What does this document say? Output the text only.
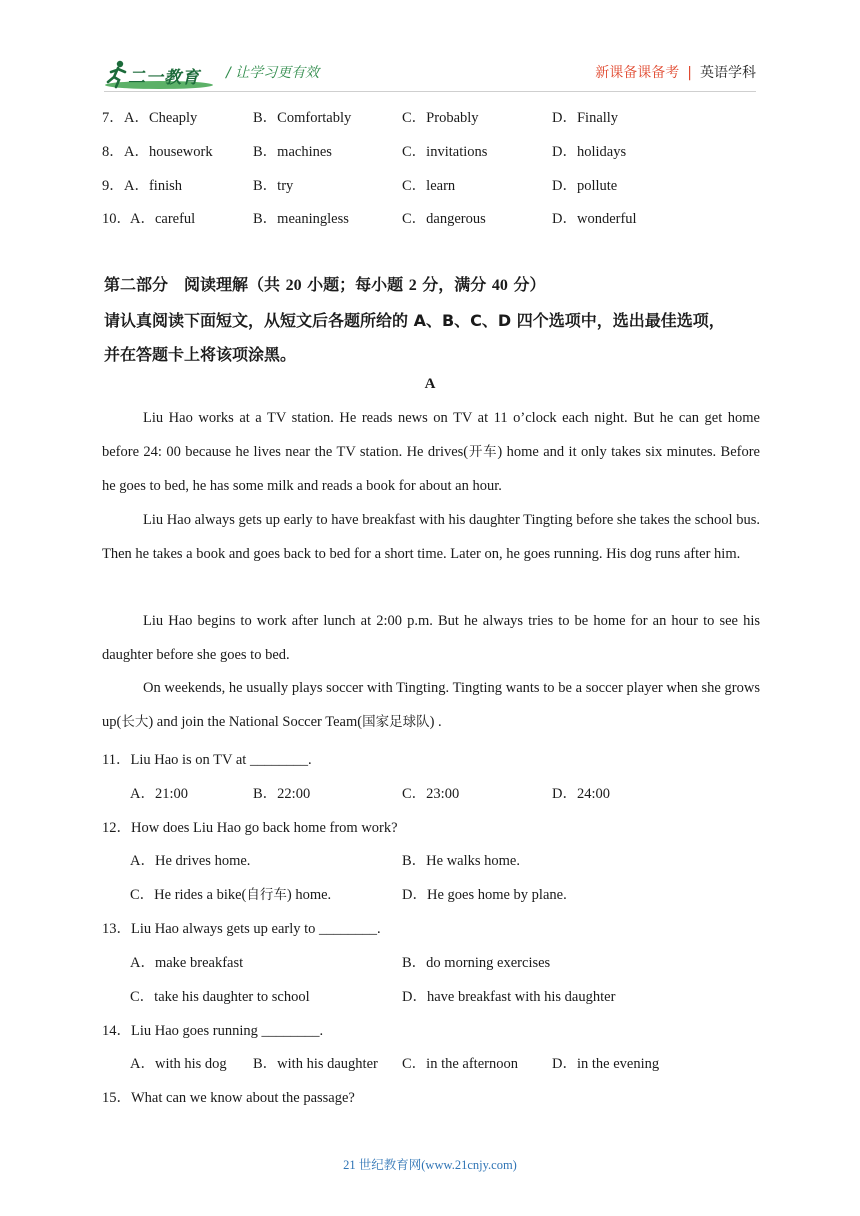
二一教育 / 让学习更有效	新课备课备考 | 英语学科
7． A．Cheaply	B．Comfortably	C．Probably	D．Finally
8． A．housework	B．machines	C．invitations	D．holidays
9． A．finish	B．try	C．learn	D．pollute
10． A．careful	B．meaningless	C．dangerous	D．wonderful
第二部分　阅读理解（共 20 小题；每小题 2 分，满分 40 分）
请认真阅读下面短文，从短文后各题所给的 A、B、C、D 四个选项中，选出最佳选项，
并在答题卡上将该项涂黑。
A
Liu Hao works at a TV station. He reads news on TV at 11 o’clock each night. But he can get home before 24: 00 because he lives near the TV station. He drives(开车) home and it only takes six minutes. Before he goes to bed, he has some milk and reads a book for about an hour.
Liu Hao always gets up early to have breakfast with his daughter Tingting before she takes the school bus. Then he takes a book and goes back to bed for a short time. Later on, he goes running. His dog runs after him.
Liu Hao begins to work after lunch at 2:00 p.m. But he always tries to be home for an hour to see his daughter before she goes to bed.
On weekends, he usually plays soccer with Tingting. Tingting wants to be a soccer player when she grows up(长大) and join the National Soccer Team(国家足球队) .
11．Liu Hao is on TV at ________.
A．21:00	B．22:00	C．23:00	D．24:00
12．How does Liu Hao go back home from work?
A．He drives home.	B．He walks home.
C．He rides a bike(自行车) home.	D．He goes home by plane.
13．Liu Hao always gets up early to ________.
A．make breakfast	B．do morning exercises
C．take his daughter to school	D．have breakfast with his daughter
14．Liu Hao goes running ________.
A．with his dog B．with his daughter C．in the afternoon D．in the evening
15．What can we know about the passage?
21 世纪教育网(www.21cnjy.com)
